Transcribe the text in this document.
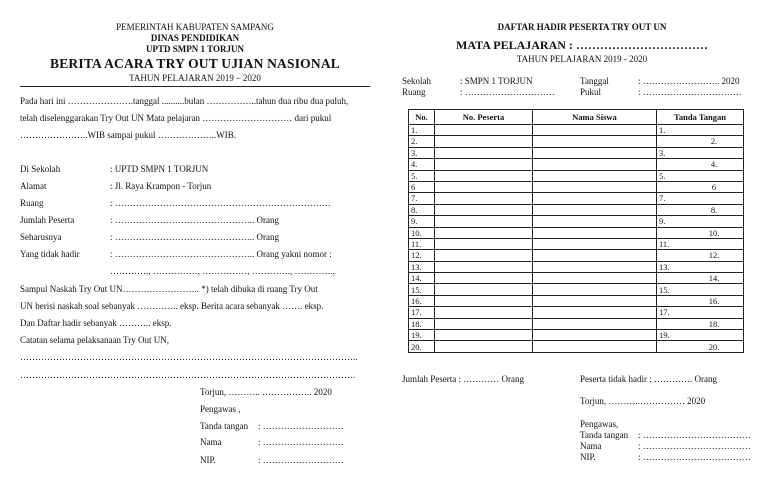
PEMERINTAH KABUPATEN SAMPANG
DINAS PENDIDIKAN
UPTD SMPN 1 TORJUN
BERITA ACARA TRY OUT UJIAN NASIONAL
TAHUN PELAJARAN 2019 – 2020
Pada hari ini ………………….tanggal ..........bulan ……………..tahun dua ribu dua puluh,
telah diselenggarakan Try Out UN Mata pelajaran ………………………… dari pukul
…………………..WIB sampai pukul ………………..WIB.
Di Sekolah	: UPTD SMPN 1 TORJUN
Alamat	: Jl. Raya Krampon - Torjun
Ruang	: ………………………………………………………………
Jumlah Peserta	: ……………………………………….. Orang
Seharusnya	: ……………………………………….. Orang
Yang tidak hadir	: ……………………………………….. Orang yakni nomor :
…………., ……………, ……………, …………., ………….,
Sampul Naskah Try Out UN…………………….. *) telah dibuka di ruang Try Out
UN berisi naskah soal sebanyak ………….. eksp. Berita acara sebanyak ……. eksp.
Dan Daftar hadir sebanyak ……….. eksp.
Catatan selama pelaksanaan Try Out UN,
…………………………………………………………………………………………………..
………………………………………………………………………………………………….
Torjun, ……….. …………….. 2020
Pengawas ,
Tanda tangan : ………………………
Nama	: ………………………
NIP.	: ………………………
DAFTAR HADIR PESERTA TRY OUT UN
MATA PELAJARAN : ……………………………
TAHUN PELAJARAN 2019 - 2020
Sekolah	: SMPN 1 TORJUN
Ruang	: …………………………
Tanggal	: …………………….. 2020
Pukul	: ……………………………
No.	No. Peserta	Nama Siswa	Tanda Tangan
1.			1.
2.			2.
3.			3.
4.			4.
5.			5.
6			6
7.			7.
8.			8.
9.			9.
10.			10.
11.			11.
12.			12.
13.			13.
14.			14.
15.			15.
16.			16.
17.			17.
18.			18.
19.			19.
20.			20.
Jumlah Peserta : ………… Orang	Peserta tidak hadir : …………. Orang
Torjun, ………..…………… 2020
Pengawas,
Tanda tangan : ………………………………
Nama	: ………………………………
NIP.	: ………………………………
